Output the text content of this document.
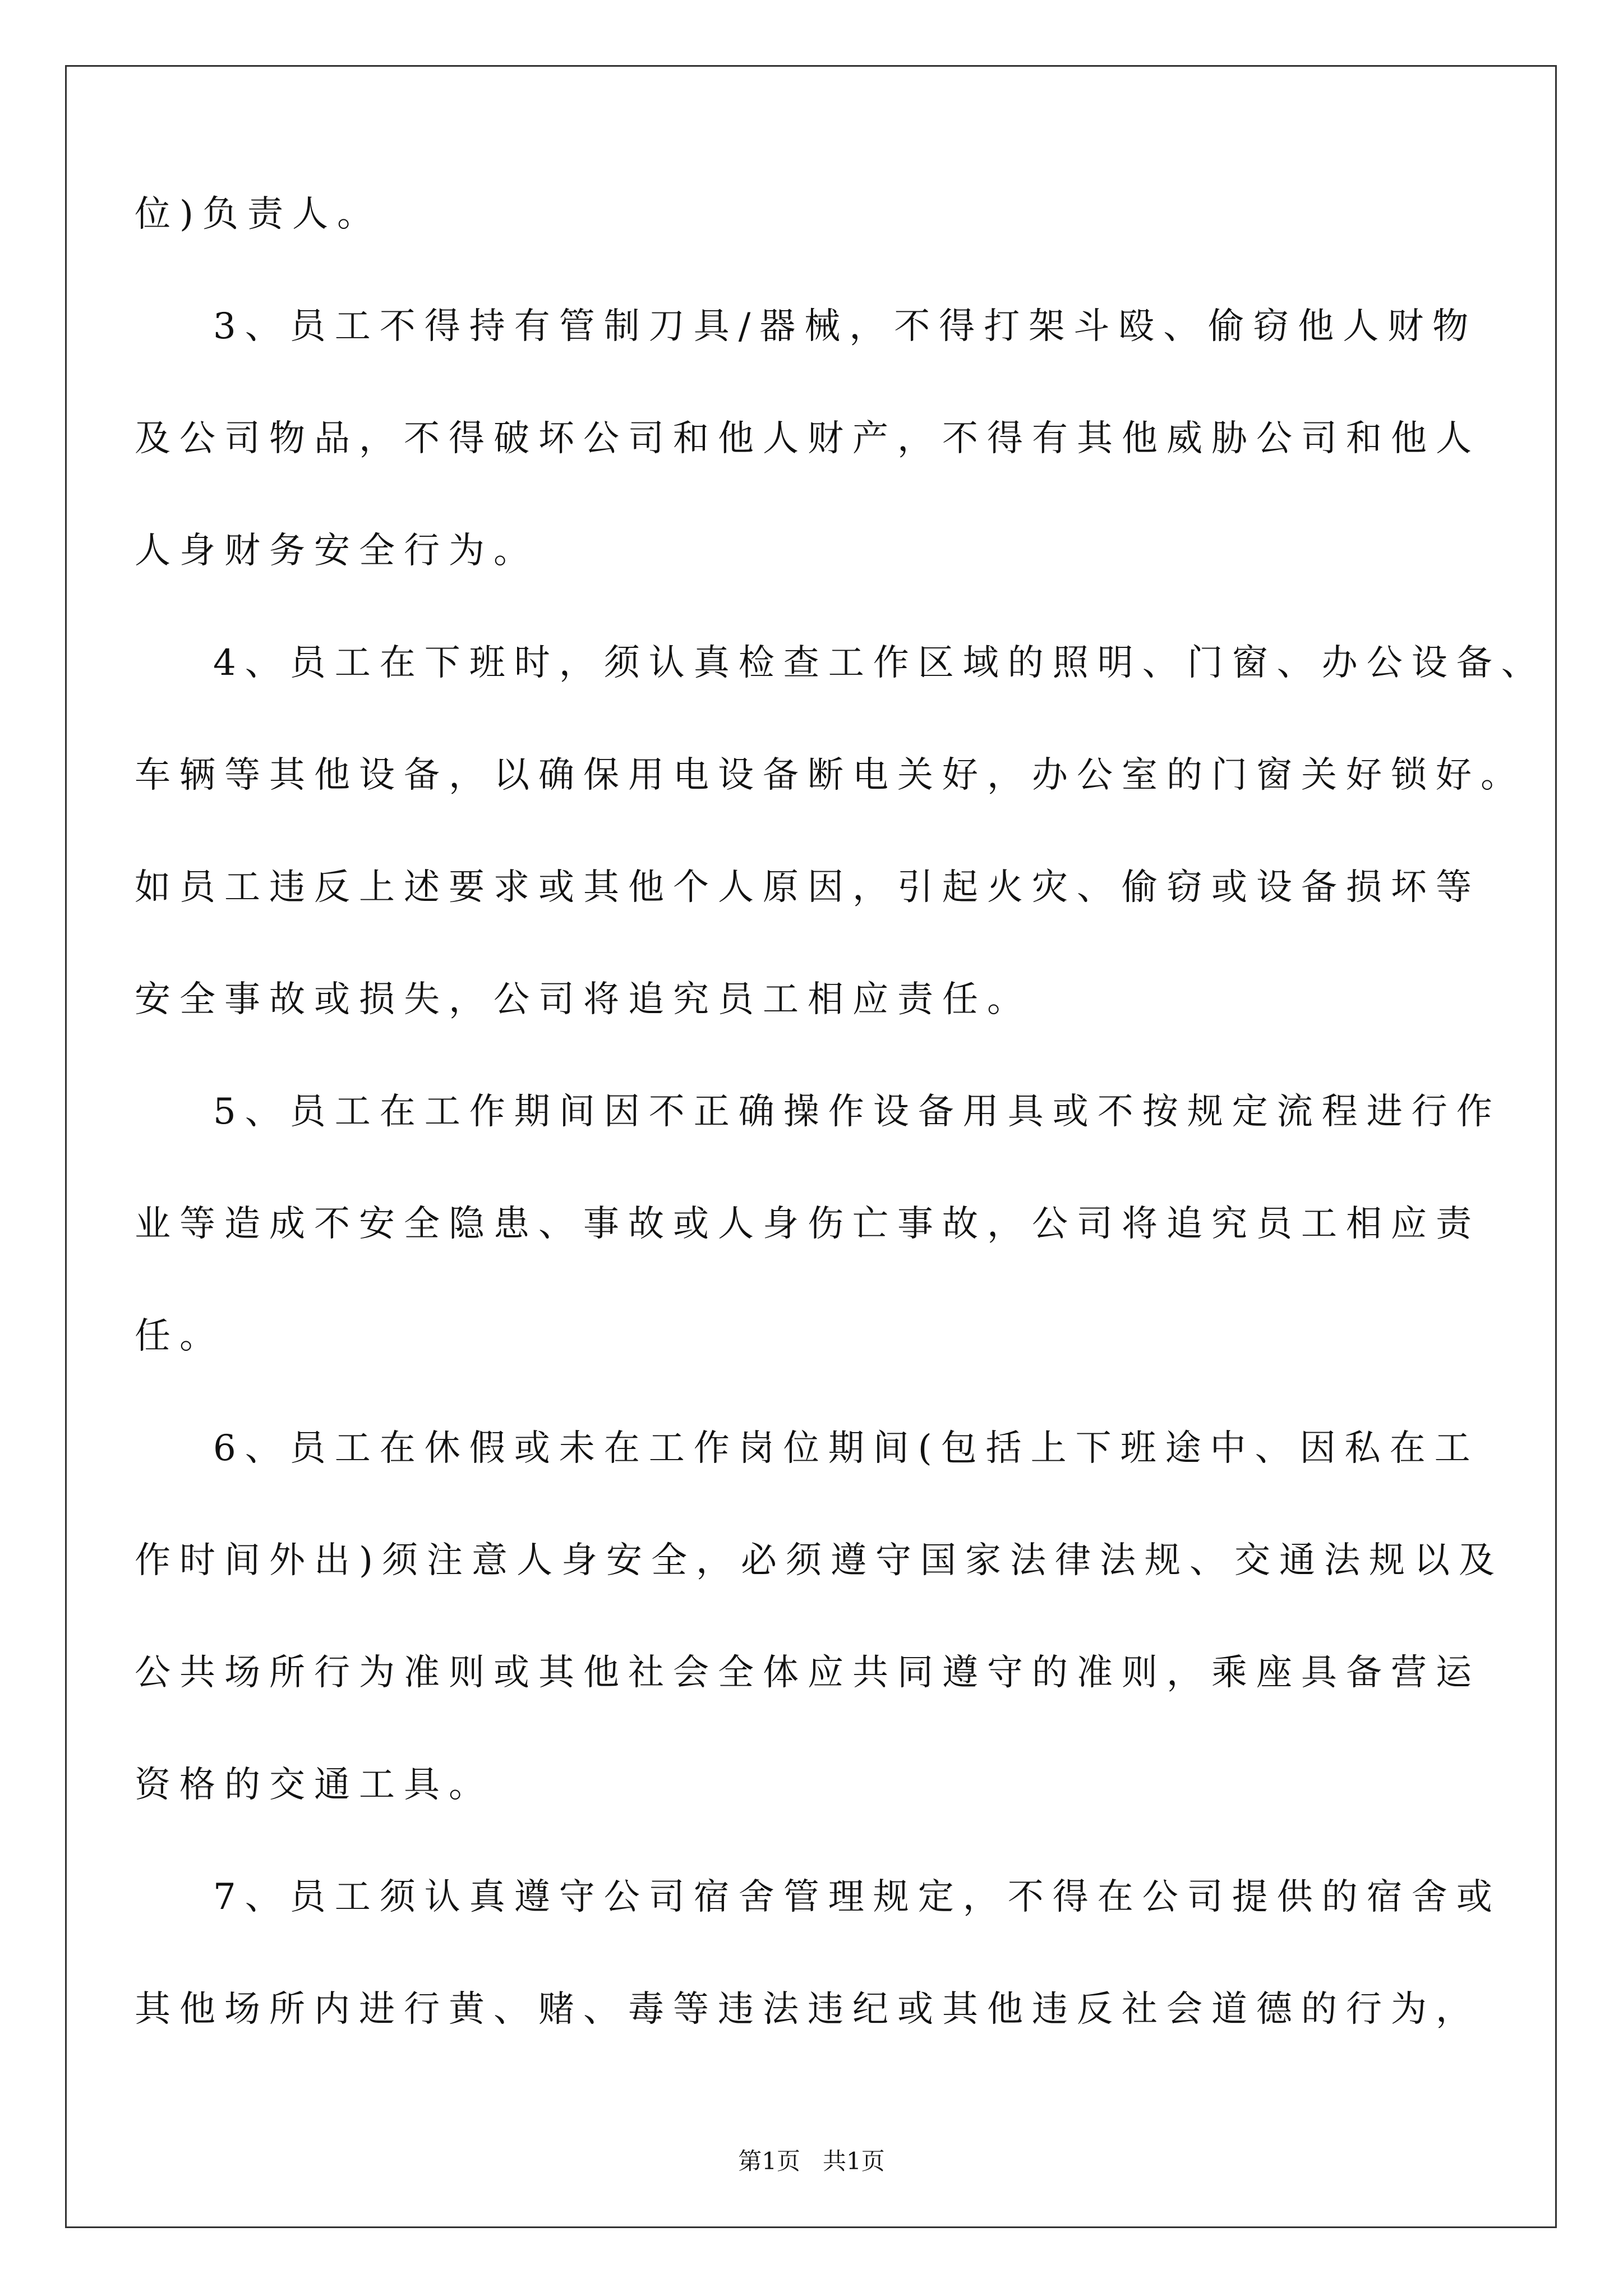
位)负责人。
3、员工不得持有管制刀具/器械，不得打架斗殴、偷窃他人财物
及公司物品，不得破坏公司和他人财产，不得有其他威胁公司和他人
人身财务安全行为。
4、员工在下班时，须认真检查工作区域的照明、门窗、办公设备、
车辆等其他设备，以确保用电设备断电关好，办公室的门窗关好锁好。
如员工违反上述要求或其他个人原因，引起火灾、偷窃或设备损坏等
安全事故或损失，公司将追究员工相应责任。
5、员工在工作期间因不正确操作设备用具或不按规定流程进行作
业等造成不安全隐患、事故或人身伤亡事故，公司将追究员工相应责
任。
6、员工在休假或未在工作岗位期间(包括上下班途中、因私在工
作时间外出)须注意人身安全，必须遵守国家法律法规、交通法规以及
公共场所行为准则或其他社会全体应共同遵守的准则，乘座具备营运
资格的交通工具。
7、员工须认真遵守公司宿舍管理规定，不得在公司提供的宿舍或
其他场所内进行黄、赌、毒等违法违纪或其他违反社会道德的行为，
第1页   共1页
